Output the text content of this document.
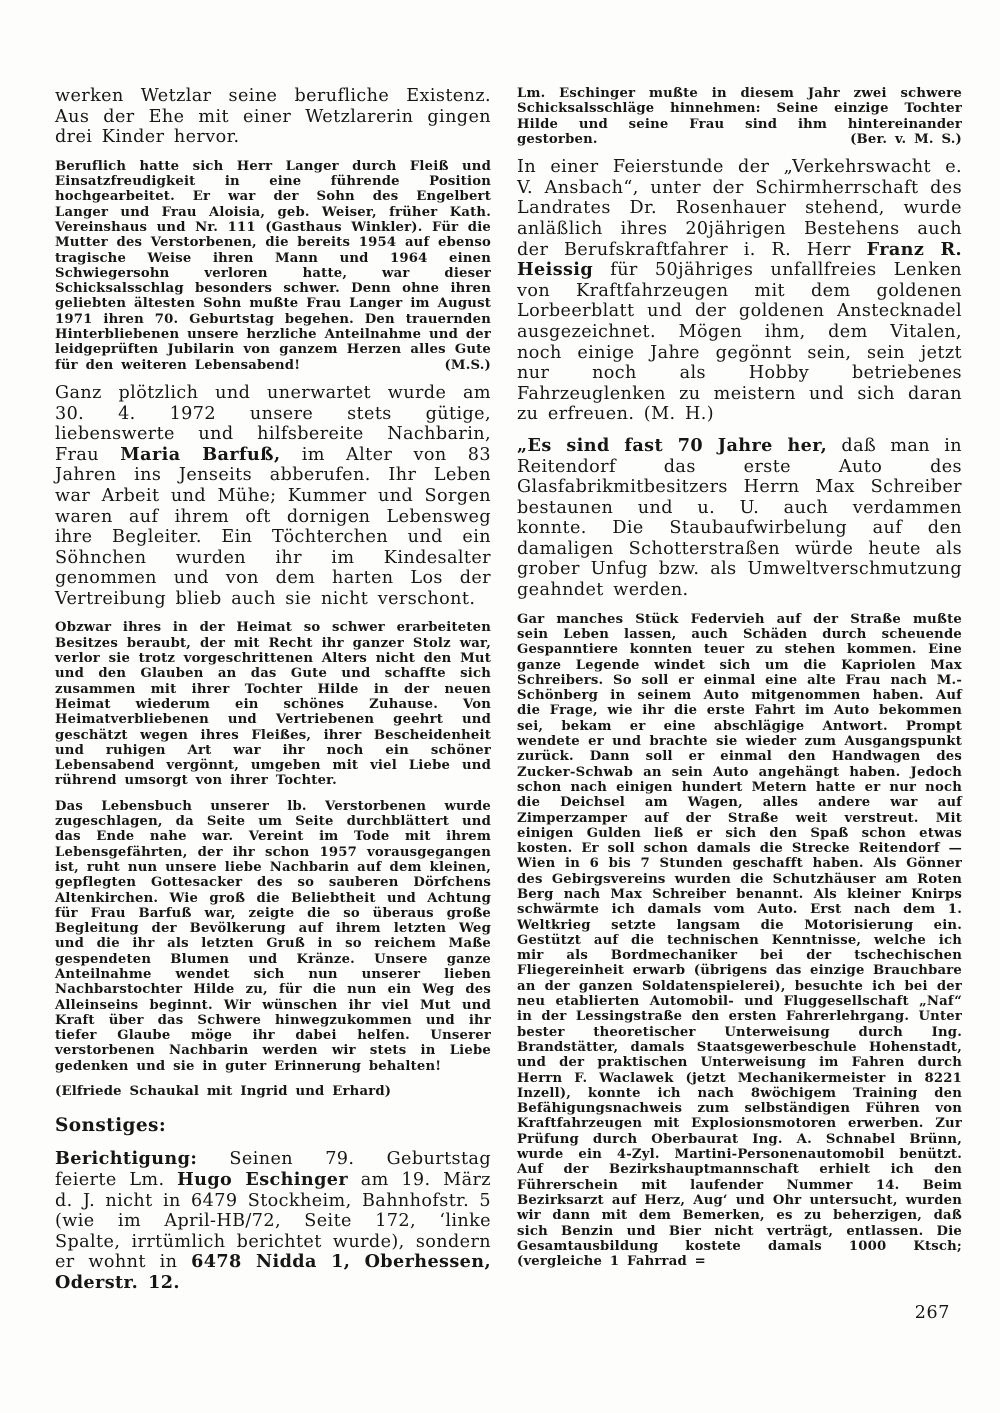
werken Wetzlar seine berufliche Existenz. Aus der Ehe mit einer Wetzlarerin gingen drei Kinder hervor.

Beruflich hatte sich Herr Langer durch Fleiß und Einsatzfreudigkeit in eine führende Position hochgearbeitet. Er war der Sohn des Engelbert Langer und Frau Aloisia, geb. Weiser, früher Kath. Vereinshaus und Nr. 111 (Gasthaus Winkler). Für die Mutter des Verstorbenen, die bereits 1954 auf ebenso tragische Weise ihren Mann und 1964 einen Schwiegersohn verloren hatte, war dieser Schicksalsschlag besonders schwer. Denn ohne ihren geliebten ältesten Sohn mußte Frau Langer im August 1971 ihren 70. Geburtstag begehen. Den trauernden Hinterbliebenen unsere herzliche Anteilnahme und der leidgeprüften Jubilarin von ganzem Herzen alles Gute für den weiteren Lebensabend!	(M.S.)

Ganz plötzlich und unerwartet wurde am 30. 4. 1972 unsere stets gütige, liebenswerte und hilfsbereite Nachbarin, Frau Maria Barfuß, im Alter von 83 Jahren ins Jenseits abberufen. Ihr Leben war Arbeit und Mühe; Kummer und Sorgen waren auf ihrem oft dornigen Lebensweg ihre Begleiter. Ein Töchterchen und ein Söhnchen wurden ihr im Kindesalter genommen und von dem harten Los der Vertreibung blieb auch sie nicht verschont.

Obzwar ihres in der Heimat so schwer erarbeiteten Besitzes beraubt, der mit Recht ihr ganzer Stolz war, verlor sie trotz vorgeschrittenen Alters nicht den Mut und den Glauben an das Gute und schaffte sich zusammen mit ihrer Tochter Hilde in der neuen Heimat wiederum ein schönes Zuhause. Von Heimatverbliebenen und Vertriebenen geehrt und geschätzt wegen ihres Fleißes, ihrer Bescheidenheit und ruhigen Art war ihr noch ein schöner Lebensabend vergönnt, umgeben mit viel Liebe und rührend umsorgt von ihrer Tochter.

Das Lebensbuch unserer lb. Verstorbenen wurde zugeschlagen, da Seite um Seite durchblättert und das Ende nahe war. Vereint im Tode mit ihrem Lebensgefährten, der ihr schon 1957 vorausgegangen ist, ruht nun unsere liebe Nachbarin auf dem kleinen, gepflegten Gottesacker des so sauberen Dörfchens Altenkirchen. Wie groß die Beliebtheit und Achtung für Frau Barfuß war, zeigte die so überaus große Begleitung der Bevölkerung auf ihrem letzten Weg und die ihr als letzten Gruß in so reichem Maße gespendeten Blumen und Kränze. Unsere ganze Anteilnahme wendet sich nun unserer lieben Nachbarstochter Hilde zu, für die nun ein Weg des Alleinseins beginnt. Wir wünschen ihr viel Mut und Kraft über das Schwere hinwegzukommen und ihr tiefer Glaube möge ihr dabei helfen. Unserer verstorbenen Nachbarin werden wir stets in Liebe gedenken und sie in guter Erinnerung behalten!

(Elfriede Schaukal mit Ingrid und Erhard)

Sonstiges:

Berichtigung: Seinen 79. Geburtstag feierte Lm. Hugo Eschinger am 19. März d. J. nicht in 6479 Stockheim, Bahnhofstr. 5 (wie im April-HB/72, Seite 172, ‘linke Spalte, irrtümlich berichtet wurde), sondern er wohnt in 6478 Nidda 1, Oberhessen, Oderstr. 12.

Lm. Eschinger mußte in diesem Jahr zwei schwere Schicksalsschläge hinnehmen: Seine einzige Tochter Hilde und seine Frau sind ihm hintereinander gestorben.	(Ber. v. M. S.)

In einer Feierstunde der „Verkehrswacht e. V. Ansbach“, unter der Schirmherrschaft des Landrates Dr. Rosenhauer stehend, wurde anläßlich ihres 20jährigen Bestehens auch der Berufskraftfahrer i. R. Herr Franz R. Heissig für 50jähriges unfallfreies Lenken von Kraftfahrzeugen mit dem goldenen Lorbeerblatt und der goldenen Anstecknadel ausgezeichnet. Mögen ihm, dem Vitalen, noch einige Jahre gegönnt sein, sein jetzt nur noch als Hobby betriebenes Fahrzeuglenken zu meistern und sich daran zu erfreuen. (M. H.)

„Es sind fast 70 Jahre her, daß man in Reitendorf das erste Auto des Glasfabrikmitbesitzers Herrn Max Schreiber bestaunen und u. U. auch verdammen konnte. Die Staubaufwirbelung auf den damaligen Schotterstraßen würde heute als grober Unfug bzw. als Umweltverschmutzung geahndet werden.

Gar manches Stück Federvieh auf der Straße mußte sein Leben lassen, auch Schäden durch scheuende Gespanntiere konnten teuer zu stehen kommen. Eine ganze Legende windet sich um die Kapriolen Max Schreibers. So soll er einmal eine alte Frau nach M.-Schönberg in seinem Auto mitgenommen haben. Auf die Frage, wie ihr die erste Fahrt im Auto bekommen sei, bekam er eine abschlägige Antwort. Prompt wendete er und brachte sie wieder zum Ausgangspunkt zurück. Dann soll er einmal den Handwagen des Zucker-Schwab an sein Auto angehängt haben. Jedoch schon nach einigen hundert Metern hatte er nur noch die Deichsel am Wagen, alles andere war auf Zimperzamper auf der Straße weit verstreut. Mit einigen Gulden ließ er sich den Spaß schon etwas kosten. Er soll schon damals die Strecke Reitendorf — Wien in 6 bis 7 Stunden geschafft haben. Als Gönner des Gebirgsvereins wurden die Schutzhäuser am Roten Berg nach Max Schreiber benannt. Als kleiner Knirps schwärmte ich damals vom Auto. Erst nach dem 1. Weltkrieg setzte langsam die Motorisierung ein. Gestützt auf die technischen Kenntnisse, welche ich mir als Bordmechaniker bei der tschechischen Fliegereinheit erwarb (übrigens das einzige Brauchbare an der ganzen Soldatenspielerei), besuchte ich bei der neu etablierten Automobil- und Fluggesellschaft „Naf“ in der Lessingstraße den ersten Fahrerlehrgang. Unter bester theoretischer Unterweisung durch Ing. Brandstätter, damals Staatsgewerbeschule Hohenstadt, und der praktischen Unterweisung im Fahren durch Herrn F. Waclawek (jetzt Mechanikermeister in 8221 Inzell), konnte ich nach 8wöchigem Training den Befähigungsnachweis zum selbständigen Führen von Kraftfahrzeugen mit Explosionsmotoren erwerben. Zur Prüfung durch Oberbaurat Ing. A. Schnabel Brünn, wurde ein 4-Zyl. Martini-Personenautomobil benützt. Auf der Bezirkshauptmannschaft erhielt ich den Führerschein mit laufender Nummer 14. Beim Bezirksarzt auf Herz, Aug‘ und Ohr untersucht, wurden wir dann mit dem Bemerken, es zu beherzigen, daß sich Benzin und Bier nicht verträgt, entlassen. Die Gesamtausbildung kostete damals 1000 Ktsch; (vergleiche 1 Fahrrad =

267
